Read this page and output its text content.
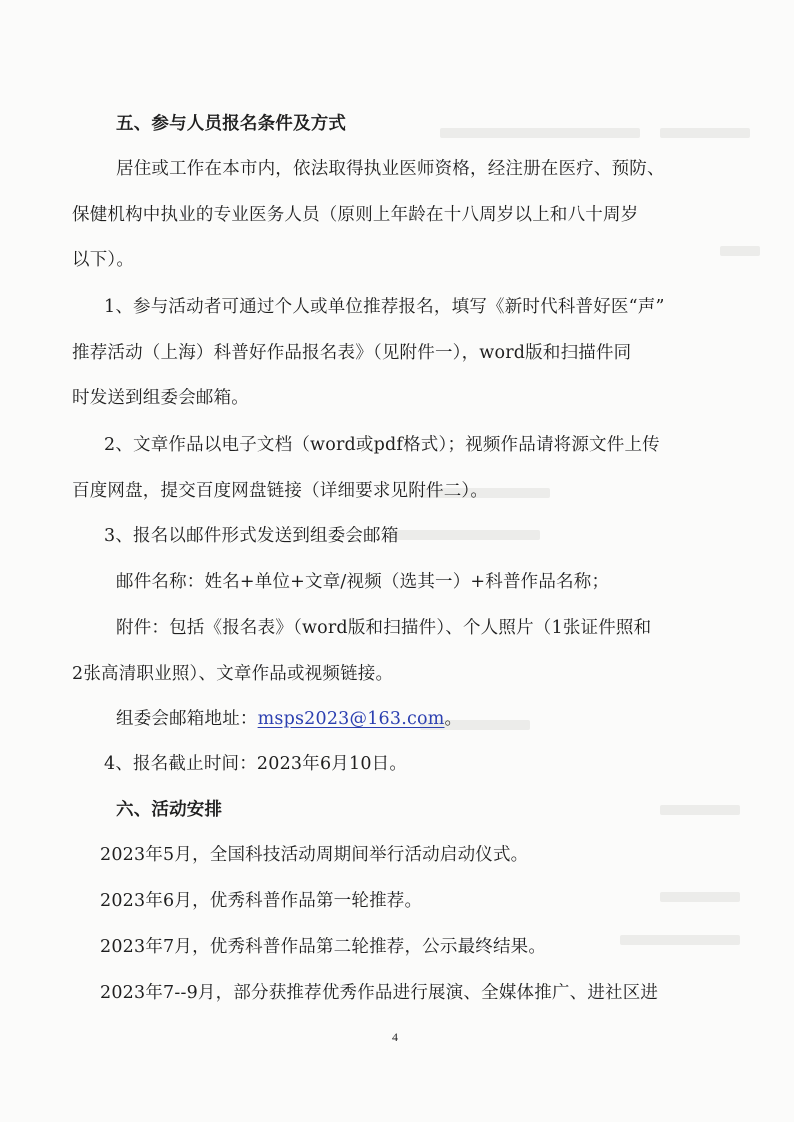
五、参与人员报名条件及方式
居住或工作在本市内，依法取得执业医师资格，经注册在医疗、预防、
保健机构中执业的专业医务人员（原则上年龄在十八周岁以上和八十周岁
以下）。
1、参与活动者可通过个人或单位推荐报名，填写《新时代科普好医“声”
推荐活动（上海）科普好作品报名表》（见附件一），word版和扫描件同
时发送到组委会邮箱。
2、文章作品以电子文档（word或pdf格式）；视频作品请将源文件上传
百度网盘，提交百度网盘链接（详细要求见附件二）。
3、报名以邮件形式发送到组委会邮箱
邮件名称：姓名+单位+文章/视频（选其一）+科普作品名称；
附件：包括《报名表》（word版和扫描件）、个人照片（1张证件照和
2张高清职业照）、文章作品或视频链接。
组委会邮箱地址：msps2023@163.com。
4、报名截止时间：2023年6月10日。
六、活动安排
2023年5月，全国科技活动周期间举行活动启动仪式。
2023年6月，优秀科普作品第一轮推荐。
2023年7月，优秀科普作品第二轮推荐，公示最终结果。
2023年7--9月，部分获推荐优秀作品进行展演、全媒体推广、进社区进
4
